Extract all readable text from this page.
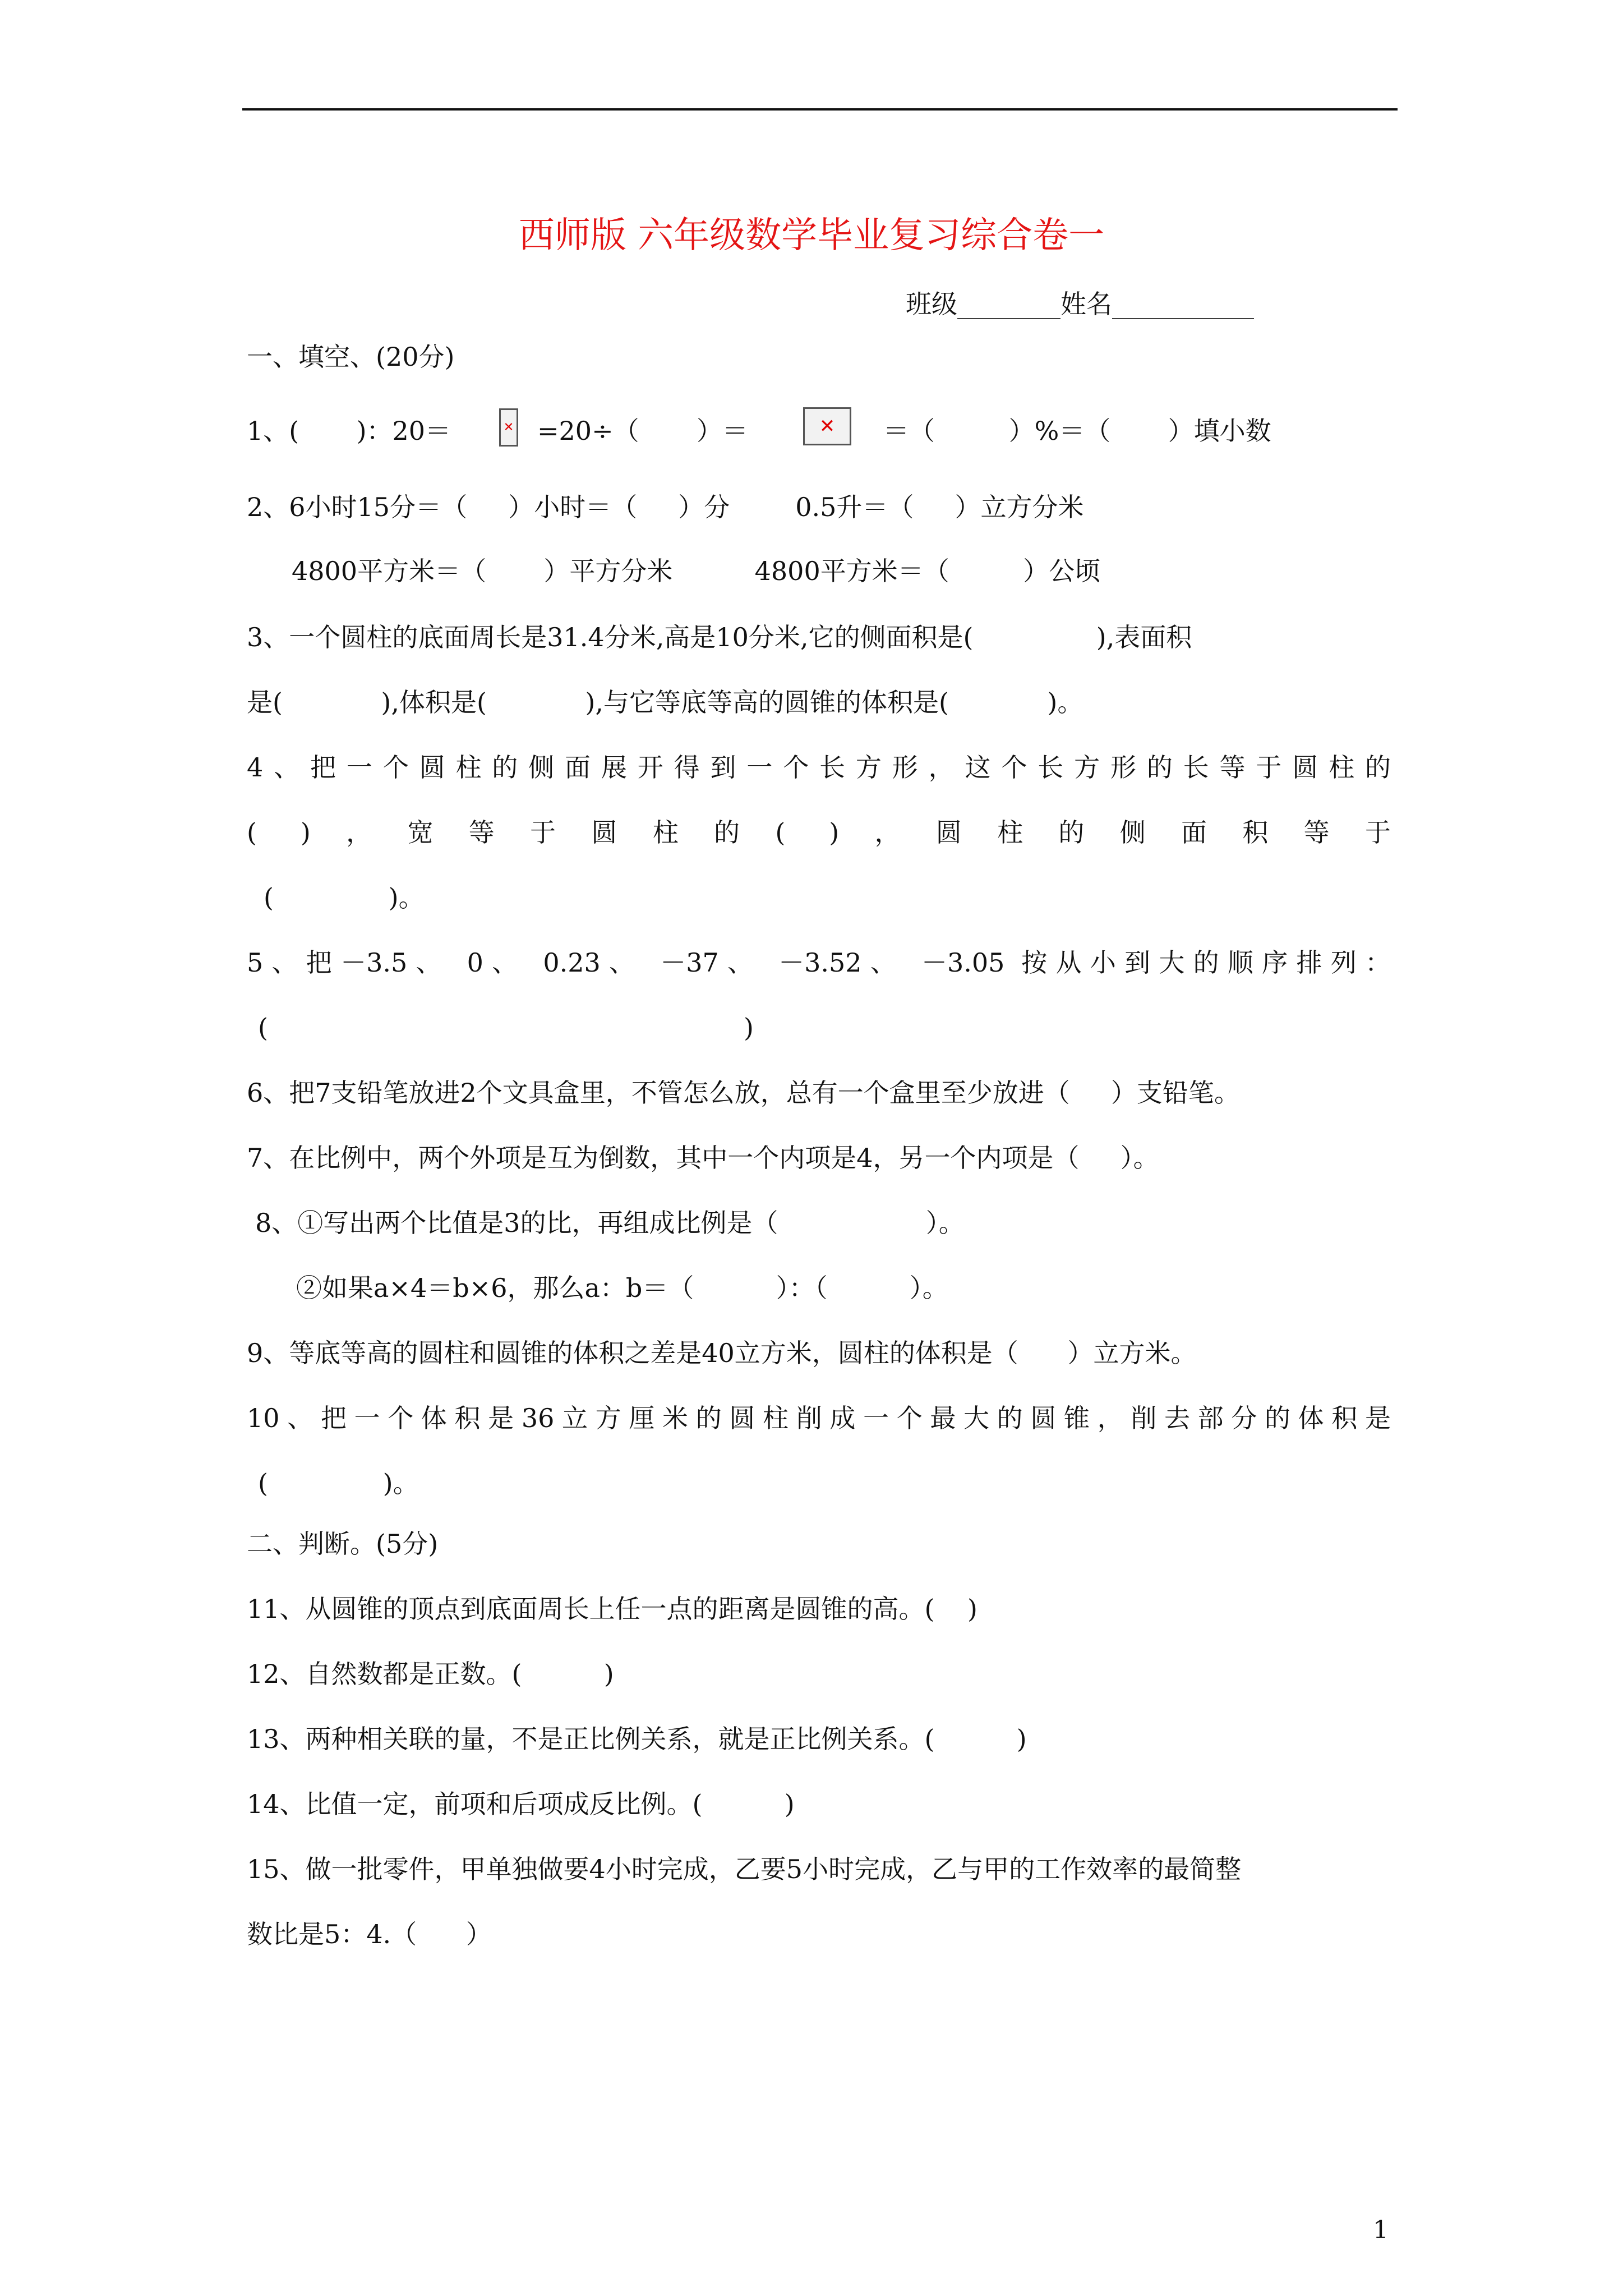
西师版 六年级数学毕业复习综合卷一
班级________姓名___________
一、填空、(20分)
1、(       )：20＝	✕ =20÷（       ）＝	✕	＝（         ）%＝（       ）填小数
2、6小时15分＝（     ）小时＝（     ）分        0.5升＝（     ）立方分米
4800平方米＝（       ）平方分米          4800平方米＝（         ）公顷
3、一个圆柱的底面周长是31.4分米,高是10分米,它的侧面积是(               ),表面积
是(            ),体积是(            ),与它等底等高的圆锥的体积是(            )。
4、把一个圆柱的侧面展开得到一个长方形，这个长方形的长等于圆柱的
( )，宽等于圆柱的( )，圆柱的侧面积等于
(              )。
5、把－3.5、 0、 0.23、 －37、 －3.52、 －3.05 按从小到大的顺序排列：
(                                                          )
6、把7支铅笔放进2个文具盒里，不管怎么放，总有一个盒里至少放进（     ）支铅笔。
7、在比例中，两个外项是互为倒数，其中一个内项是4，另一个内项是（     ）。
8、①写出两个比值是3的比，再组成比例是（                  ）。
②如果a×4＝b×6，那么a：b＝（          ）：（          ）。
9、等底等高的圆柱和圆锥的体积之差是40立方米，圆柱的体积是（      ）立方米。
10、把一个体积是36立方厘米的圆柱削成一个最大的圆锥，削去部分的体积是
(              )。
二、判断。(5分)
11、从圆锥的顶点到底面周长上任一点的距离是圆锥的高。(    )
12、自然数都是正数。(          )
13、两种相关联的量，不是正比例关系，就是正比例关系。(          )
14、比值一定，前项和后项成反比例。(          )
15、做一批零件，甲单独做要4小时完成，乙要5小时完成，乙与甲的工作效率的最简整
数比是5：4.（      ）
1
